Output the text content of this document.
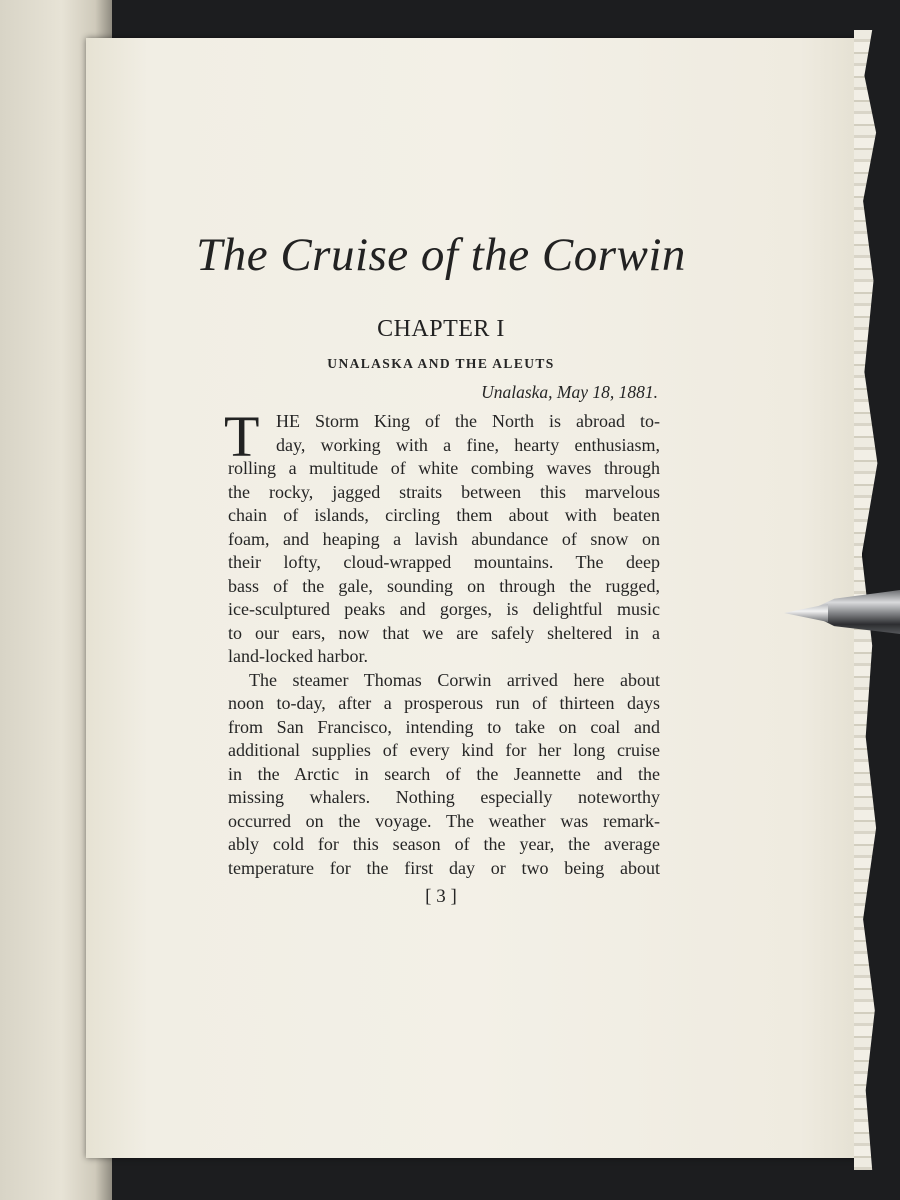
The Cruise of the Corwin
CHAPTER I
UNALASKA AND THE ALEUTS
Unalaska, May 18, 1881.
T HE Storm King of the North is abroad to-
day, working with a fine, hearty enthusiasm,
rolling a multitude of white combing waves through
the rocky, jagged straits between this marvelous
chain of islands, circling them about with beaten
foam, and heaping a lavish abundance of snow on
their lofty, cloud-wrapped mountains. The deep
bass of the gale, sounding on through the rugged,
ice-sculptured peaks and gorges, is delightful music
to our ears, now that we are safely sheltered in a
land-locked harbor.
The steamer Thomas Corwin arrived here about
noon to-day, after a prosperous run of thirteen days
from San Francisco, intending to take on coal and
additional supplies of every kind for her long cruise
in the Arctic in search of the Jeannette and the
missing whalers. Nothing especially noteworthy
occurred on the voyage. The weather was remark-
ably cold for this season of the year, the average
temperature for the first day or two being about
[ 3 ]
